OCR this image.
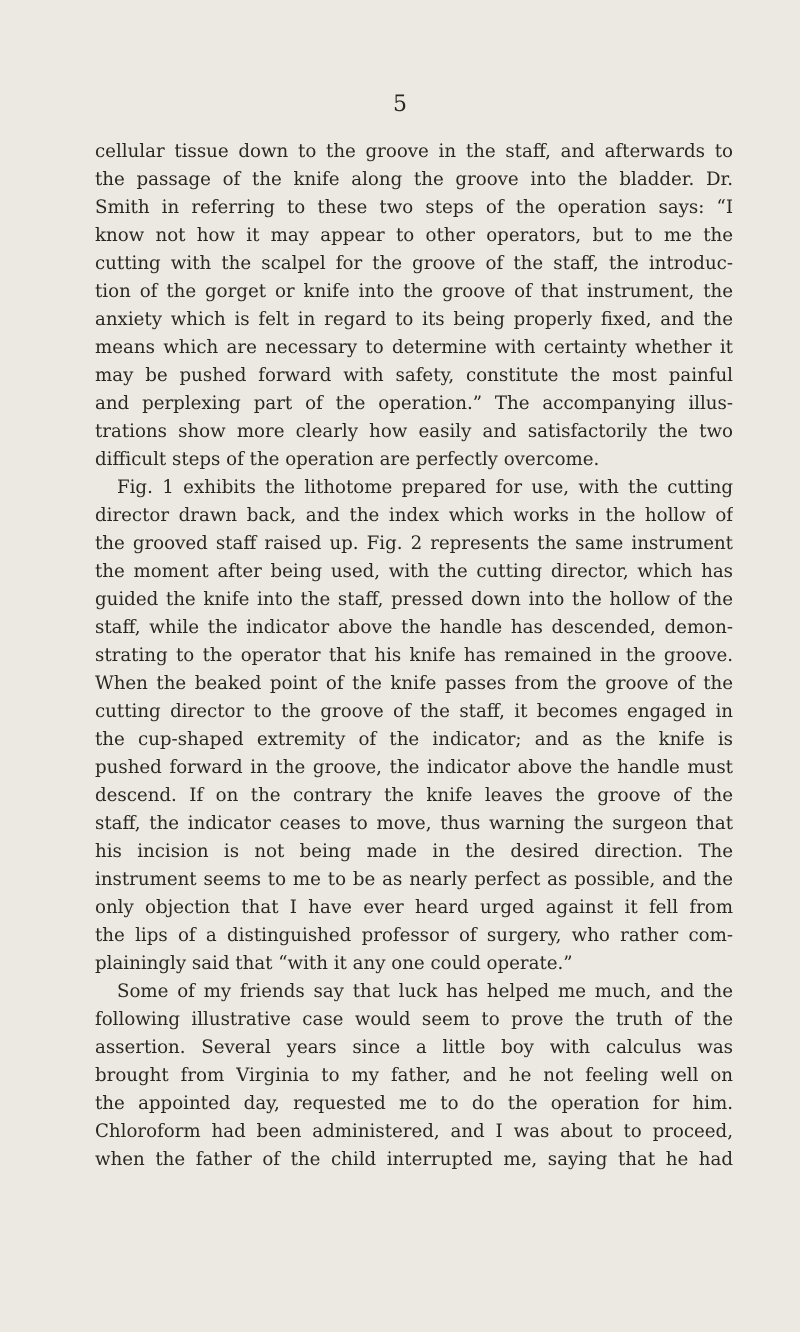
5

cellular tissue down to the groove in the staff, and afterwards to
the passage of the knife along the groove into the bladder. Dr.
Smith in referring to these two steps of the operation says: “I
know not how it may appear to other operators, but to me the
cutting with the scalpel for the groove of the staff, the introduc-
tion of the gorget or knife into the groove of that instrument, the
anxiety which is felt in regard to its being properly fixed, and the
means which are necessary to determine with certainty whether it
may be pushed forward with safety, constitute the most painful
and perplexing part of the operation.” The accompanying illus-
trations show more clearly how easily and satisfactorily the two
difficult steps of the operation are perfectly overcome.
Fig. 1 exhibits the lithotome prepared for use, with the cutting
director drawn back, and the index which works in the hollow of
the grooved staff raised up. Fig. 2 represents the same instrument
the moment after being used, with the cutting director, which has
guided the knife into the staff, pressed down into the hollow of the
staff, while the indicator above the handle has descended, demon-
strating to the operator that his knife has remained in the groove.
When the beaked point of the knife passes from the groove of the
cutting director to the groove of the staff, it becomes engaged in
the cup-shaped extremity of the indicator; and as the knife is
pushed forward in the groove, the indicator above the handle must
descend. If on the contrary the knife leaves the groove of the
staff, the indicator ceases to move, thus warning the surgeon that
his incision is not being made in the desired direction. The
instrument seems to me to be as nearly perfect as possible, and the
only objection that I have ever heard urged against it fell from
the lips of a distinguished professor of surgery, who rather com-
plainingly said that “with it any one could operate.”
Some of my friends say that luck has helped me much, and the
following illustrative case would seem to prove the truth of the
assertion. Several years since a little boy with calculus was
brought from Virginia to my father, and he not feeling well on
the appointed day, requested me to do the operation for him.
Chloroform had been administered, and I was about to proceed,
when the father of the child interrupted me, saying that he had
